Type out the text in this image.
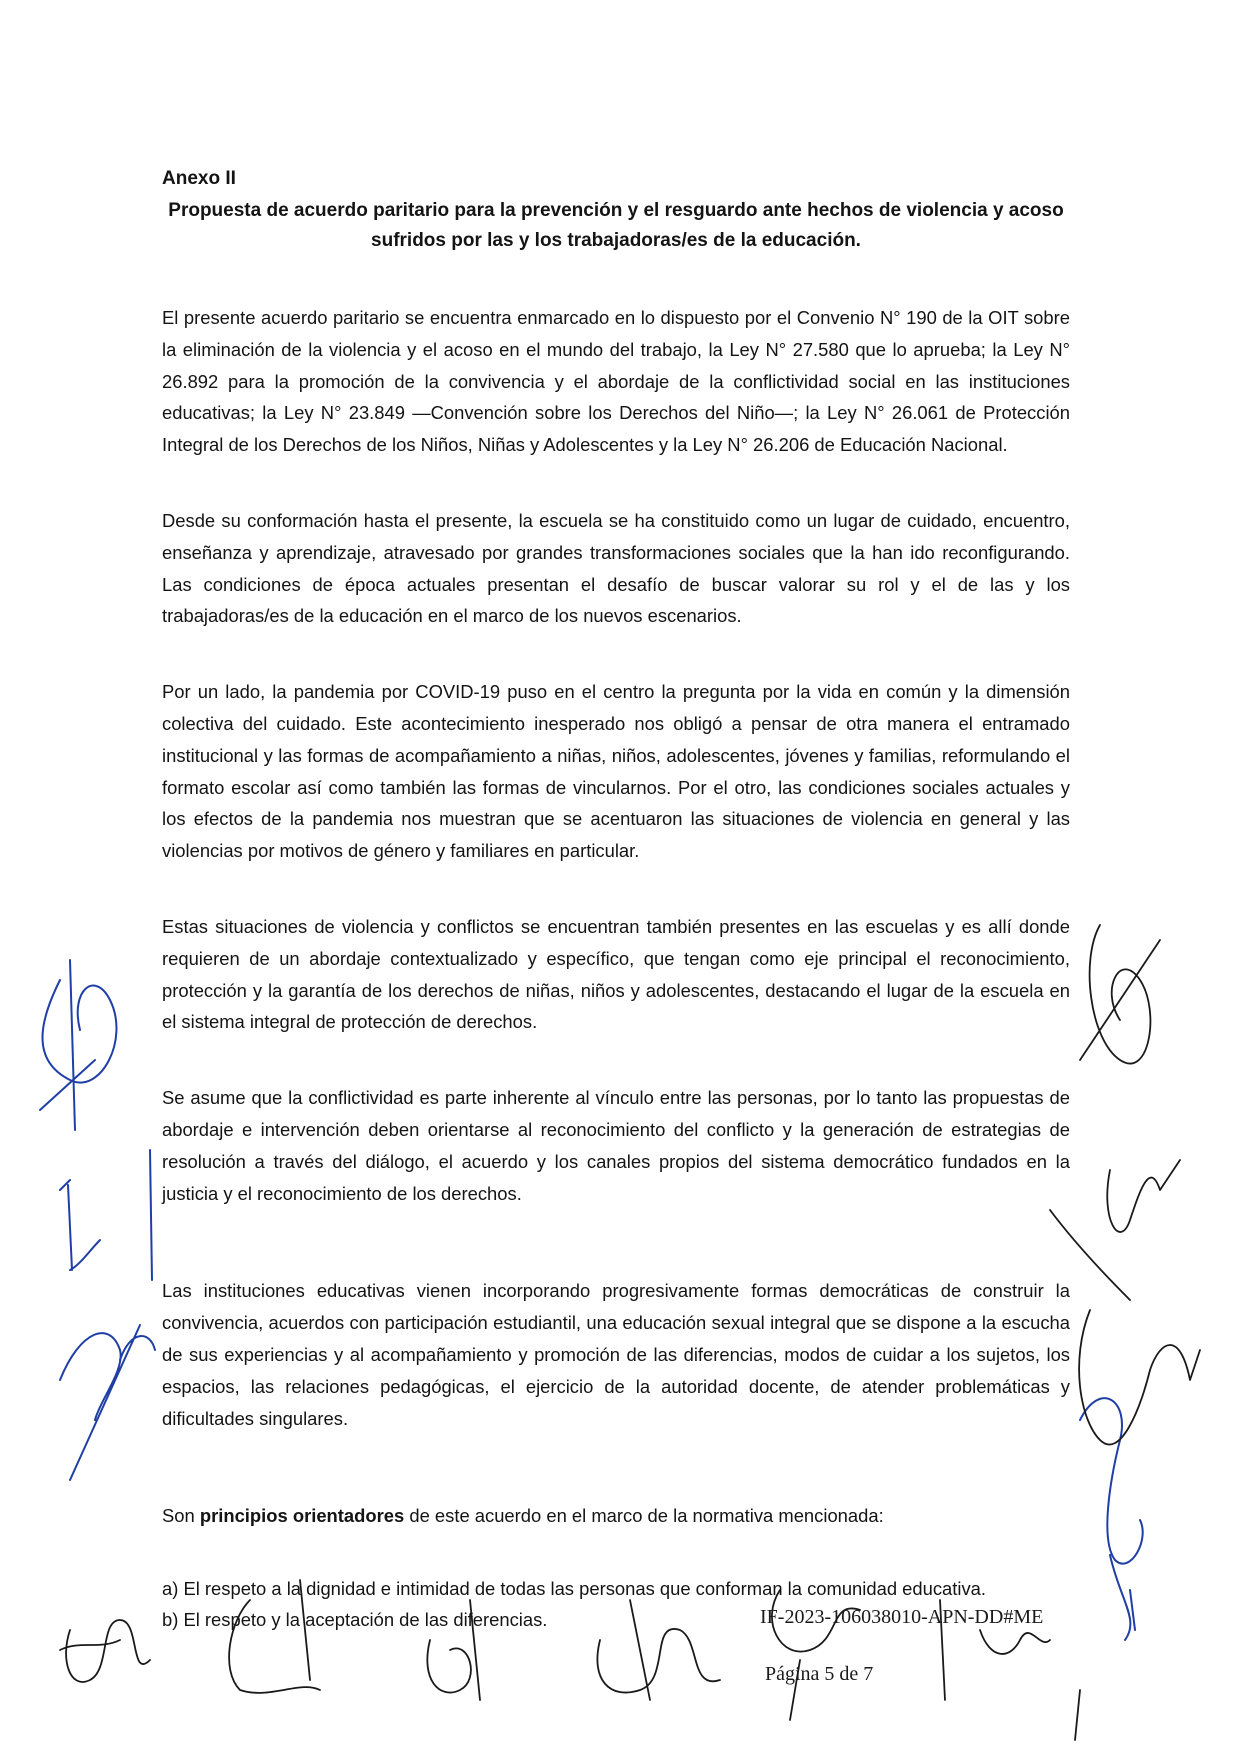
Anexo II

Propuesta de acuerdo paritario para la prevención y el resguardo ante hechos de violencia y acoso
sufridos por las y los trabajadoras/es de la educación.

El presente acuerdo paritario se encuentra enmarcado en lo dispuesto por el Convenio N° 190 de la OIT sobre la eliminación de la violencia y el acoso en el mundo del trabajo, la Ley N° 27.580 que lo aprueba; la Ley N° 26.892 para la promoción de la convivencia y el abordaje de la conflictividad social en las instituciones educativas; la Ley N° 23.849 —Convención sobre los Derechos del Niño—; la Ley N° 26.061 de Protección Integral de los Derechos de los Niños, Niñas y Adolescentes y la Ley N° 26.206 de Educación Nacional.

Desde su conformación hasta el presente, la escuela se ha constituido como un lugar de cuidado, encuentro, enseñanza y aprendizaje, atravesado por grandes transformaciones sociales que la han ido reconfigurando. Las condiciones de época actuales presentan el desafío de buscar valorar su rol y el de las y los trabajadoras/es de la educación en el marco de los nuevos escenarios.

Por un lado, la pandemia por COVID-19 puso en el centro la pregunta por la vida en común y la dimensión colectiva del cuidado. Este acontecimiento inesperado nos obligó a pensar de otra manera el entramado institucional y las formas de acompañamiento a niñas, niños, adolescentes, jóvenes y familias, reformulando el formato escolar así como también las formas de vincularnos. Por el otro, las condiciones sociales actuales y los efectos de la pandemia nos muestran que se acentuaron las situaciones de violencia en general y las violencias por motivos de género y familiares en particular.

Estas situaciones de violencia y conflictos se encuentran también presentes en las escuelas y es allí donde requieren de un abordaje contextualizado y específico, que tengan como eje principal el reconocimiento, protección y la garantía de los derechos de niñas, niños y adolescentes, destacando el lugar de la escuela en el sistema integral de protección de derechos.

Se asume que la conflictividad es parte inherente al vínculo entre las personas, por lo tanto las propuestas de abordaje e intervención deben orientarse al reconocimiento del conflicto y la generación de estrategias de resolución a través del diálogo, el acuerdo y los canales propios del sistema democrático fundados en la justicia y el reconocimiento de los derechos.

Las instituciones educativas vienen incorporando progresivamente formas democráticas de construir la convivencia, acuerdos con participación estudiantil, una educación sexual integral que se dispone a la escucha de sus experiencias y al acompañamiento y promoción de las diferencias, modos de cuidar a los sujetos, los espacios, las relaciones pedagógicas, el ejercicio de la autoridad docente, de atender problemáticas y dificultades singulares.

Son principios orientadores de este acuerdo en el marco de la normativa mencionada:

a) El respeto a la dignidad e intimidad de todas las personas que conforman la comunidad educativa.

b) El respeto y la aceptación de las diferencias.	IF-2023-106038010-APN-DD#ME
Página 5 de 7
